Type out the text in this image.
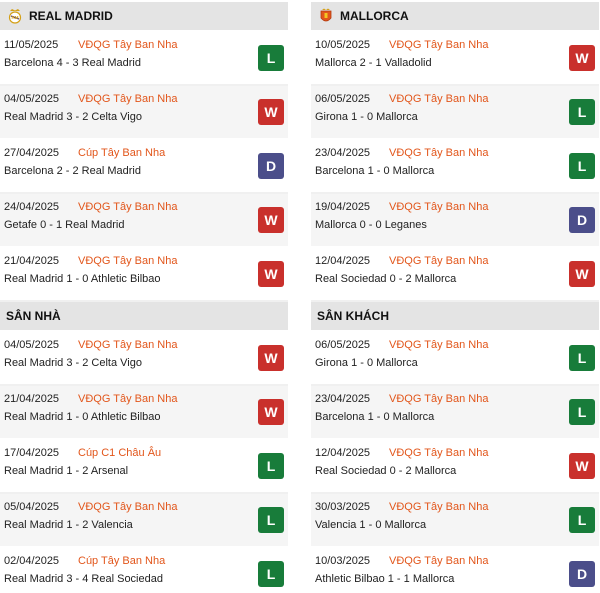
RM REAL MADRID
11/05/2025 VĐQG Tây Ban Nha
Barcelona 4 - 3 Real Madrid	L
04/05/2025 VĐQG Tây Ban Nha
Real Madrid 3 - 2 Celta Vigo	W
27/04/2025 Cúp Tây Ban Nha
Barcelona 2 - 2 Real Madrid	D
24/04/2025 VĐQG Tây Ban Nha
Getafe 0 - 1 Real Madrid	W
21/04/2025 VĐQG Tây Ban Nha
Real Madrid 1 - 0 Athletic Bilbao	W
SÂN NHÀ
04/05/2025 VĐQG Tây Ban Nha
Real Madrid 3 - 2 Celta Vigo	W
21/04/2025 VĐQG Tây Ban Nha
Real Madrid 1 - 0 Athletic Bilbao	W
17/04/2025 Cúp C1 Châu Âu
Real Madrid 1 - 2 Arsenal	L
05/04/2025 VĐQG Tây Ban Nha
Real Madrid 1 - 2 Valencia	L
02/04/2025 Cúp Tây Ban Nha
Real Madrid 3 - 4 Real Sociedad	L
MALLORCA
10/05/2025 VĐQG Tây Ban Nha
Mallorca 2 - 1 Valladolid	W
06/05/2025 VĐQG Tây Ban Nha
Girona 1 - 0 Mallorca	L
23/04/2025 VĐQG Tây Ban Nha
Barcelona 1 - 0 Mallorca	L
19/04/2025 VĐQG Tây Ban Nha
Mallorca 0 - 0 Leganes	D
12/04/2025 VĐQG Tây Ban Nha
Real Sociedad 0 - 2 Mallorca	W
SÂN KHÁCH
06/05/2025 VĐQG Tây Ban Nha
Girona 1 - 0 Mallorca	L
23/04/2025 VĐQG Tây Ban Nha
Barcelona 1 - 0 Mallorca	L
12/04/2025 VĐQG Tây Ban Nha
Real Sociedad 0 - 2 Mallorca	W
30/03/2025 VĐQG Tây Ban Nha
Valencia 1 - 0 Mallorca	L
10/03/2025 VĐQG Tây Ban Nha
Athletic Bilbao 1 - 1 Mallorca	D
